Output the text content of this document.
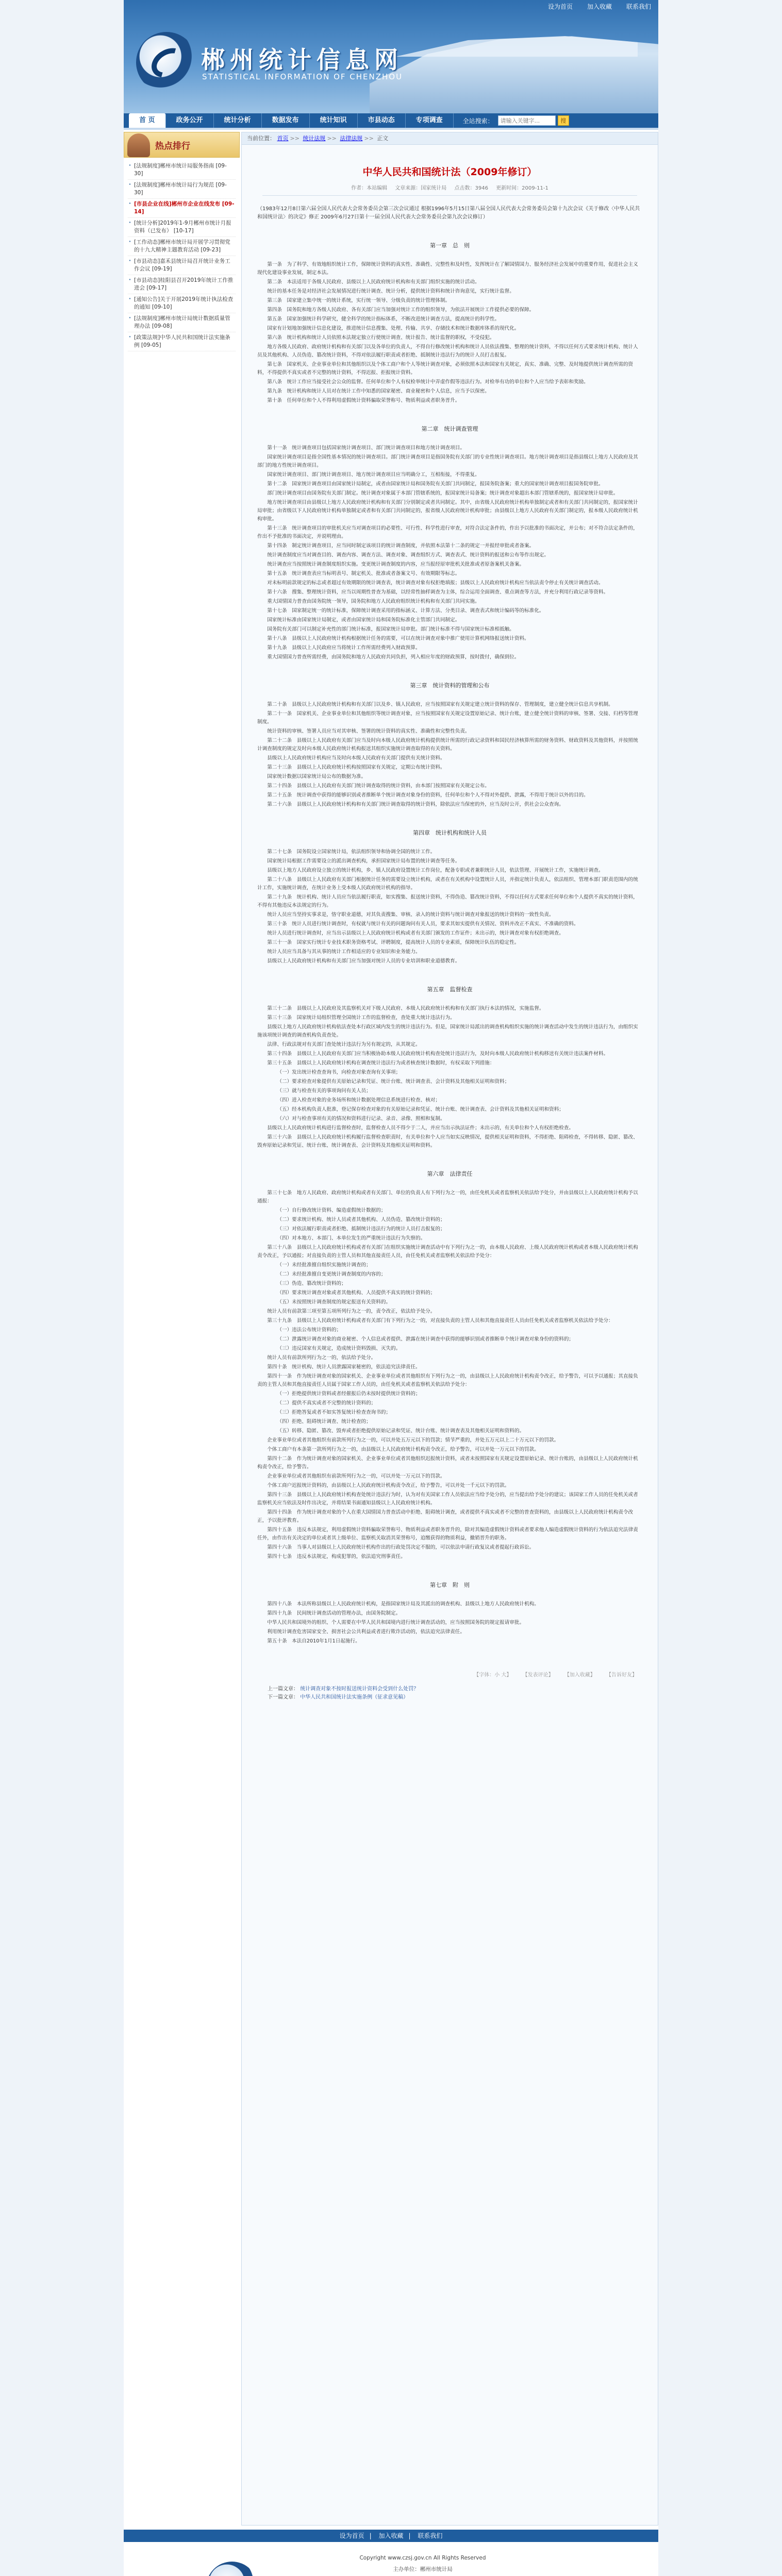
设为首页	加入收藏	联系我们
郴州统计信息网
STATISTICAL INFORMATION OF CHENZHOU
首 页	政务公开	统计分析	数据发布	统计知识	市县动态	专项调查	全站搜索：
请输入关键字...	搜
热点排行
· [法规制度]郴州市统计局服务指南 [09-30]
· [法规制度]郴州市统计局行为规范 [09-30]
· [市县企业在线]郴州市企业在线发布 [09-14]
· [统计分析]2019年1-9月郴州市统计月报资料（已发布） [10-17]
· [工作动态]郴州市统计局开展学习贯彻党的十九大精神主题教育活动 [09-23]
· [市县动态]嘉禾县统计局召开统计业务工作会议 [09-19]
· [市县动态]桂阳县召开2019年统计工作推进会 [09-17]
· [通知公告]关于开展2019年统计执法检查的通知 [09-10]
· [法规制度]郴州市统计局统计数据质量管理办法 [09-08]
· [政策法规]中华人民共和国统计法实施条例 [09-05]
当前位置： 首页 >> 统计法规 >> 法律法规 >> 正文
中华人民共和国统计法（2009年修订）
作者：本站编辑 文章来源：国家统计局 点击数：3946 更新时间：2009-11-1
（1983年12月8日第六届全国人民代表大会常务委员会第三次会议通过 根据1996年5月15日第八届全国人民代表大会常务委员会第十九次会议《关于修改〈中华人民共和国统计法〉的决定》修正 2009年6月27日第十一届全国人民代表大会常务委员会第九次会议修订）
第一章　总　则
第一条　为了科学、有效地组织统计工作，保障统计资料的真实性、准确性、完整性和及时性，发挥统计在了解国情国力、服务经济社会发展中的重要作用，促进社会主义现代化建设事业发展，制定本法。
第二条　本法适用于各级人民政府、县级以上人民政府统计机构和有关部门组织实施的统计活动。
统计的基本任务是对经济社会发展情况进行统计调查、统计分析，提供统计资料和统计咨询意见，实行统计监督。
第三条　国家建立集中统一的统计系统，实行统一领导、分级负责的统计管理体制。
第四条　国务院和地方各级人民政府、各有关部门应当加强对统计工作的组织领导，为依法开展统计工作提供必要的保障。
第五条　国家加强统计科学研究，健全科学的统计指标体系，不断改进统计调查方法，提高统计的科学性。
国家有计划地加强统计信息化建设，推进统计信息搜集、处理、传输、共享、存储技术和统计数据库体系的现代化。
第六条　统计机构和统计人员依照本法规定独立行使统计调查、统计报告、统计监督的职权，不受侵犯。
地方各级人民政府、政府统计机构和有关部门以及各单位的负责人，不得自行修改统计机构和统计人员依法搜集、整理的统计资料，不得以任何方式要求统计机构、统计人员及其他机构、人员伪造、篡改统计资料，不得对依法履行职责或者拒绝、抵制统计违法行为的统计人员打击报复。
第七条　国家机关、企业事业单位和其他组织以及个体工商户和个人等统计调查对象，必须依照本法和国家有关规定，真实、准确、完整、及时地提供统计调查所需的资料，不得提供不真实或者不完整的统计资料，不得迟报、拒报统计资料。
第八条　统计工作应当接受社会公众的监督。任何单位和个人有权检举统计中弄虚作假等违法行为。对检举有功的单位和个人应当给予表彰和奖励。
第九条　统计机构和统计人员对在统计工作中知悉的国家秘密、商业秘密和个人信息，应当予以保密。
第十条　任何单位和个人不得利用虚假统计资料骗取荣誉称号、物质利益或者职务晋升。
第二章　统计调查管理
第十一条　统计调查项目包括国家统计调查项目、部门统计调查项目和地方统计调查项目。
国家统计调查项目是指全国性基本情况的统计调查项目。部门统计调查项目是指国务院有关部门的专业性统计调查项目。地方统计调查项目是指县级以上地方人民政府及其部门的地方性统计调查项目。
国家统计调查项目、部门统计调查项目、地方统计调查项目应当明确分工，互相衔接，不得重复。
第十二条　国家统计调查项目由国家统计局制定，或者由国家统计局和国务院有关部门共同制定，报国务院备案；重大的国家统计调查项目报国务院审批。
部门统计调查项目由国务院有关部门制定。统计调查对象属于本部门管辖系统的，报国家统计局备案；统计调查对象超出本部门管辖系统的，报国家统计局审批。
地方统计调查项目由县级以上地方人民政府统计机构和有关部门分别制定或者共同制定。其中，由省级人民政府统计机构单独制定或者和有关部门共同制定的，报国家统计局审批；由省级以下人民政府统计机构单独制定或者和有关部门共同制定的，报省级人民政府统计机构审批；由县级以上地方人民政府有关部门制定的，报本级人民政府统计机构审批。
第十三条　统计调查项目的审批机关应当对调查项目的必要性、可行性、科学性进行审查，对符合法定条件的，作出予以批准的书面决定，并公布；对不符合法定条件的，作出不予批准的书面决定，并说明理由。
第十四条　制定统计调查项目，应当同时制定该项目的统计调查制度，并依照本法第十二条的规定一并报经审批或者备案。
统计调查制度应当对调查目的、调查内容、调查方法、调查对象、调查组织方式、调查表式、统计资料的报送和公布等作出规定。
统计调查应当按照统计调查制度组织实施。变更统计调查制度的内容，应当报经原审批机关批准或者原备案机关备案。
第十五条　统计调查表应当标明表号、制定机关、批准或者备案文号、有效期限等标志。
对未标明前款规定的标志或者超过有效期限的统计调查表，统计调查对象有权拒绝填报；县级以上人民政府统计机构应当依法责令停止有关统计调查活动。
第十六条　搜集、整理统计资料，应当以周期性普查为基础，以经常性抽样调查为主体，综合运用全面调查、重点调查等方法，并充分利用行政记录等资料。
重大国情国力普查由国务院统一领导，国务院和地方人民政府组织统计机构和有关部门共同实施。
第十七条　国家制定统一的统计标准，保障统计调查采用的指标涵义、计算方法、分类目录、调查表式和统计编码等的标准化。
国家统计标准由国家统计局制定，或者由国家统计局和国务院标准化主管部门共同制定。
国务院有关部门可以制定补充性的部门统计标准，报国家统计局审批。部门统计标准不得与国家统计标准相抵触。
第十八条　县级以上人民政府统计机构根据统计任务的需要，可以在统计调查对象中推广使用计算机网络报送统计资料。
第十九条　县级以上人民政府应当将统计工作所需经费列入财政预算。
重大国情国力普查所需经费，由国务院和地方人民政府共同负担，列入相应年度的财政预算，按时拨付，确保到位。
第三章　统计资料的管理和公布
第二十条　县级以上人民政府统计机构和有关部门以及乡、镇人民政府，应当按照国家有关规定建立统计资料的保存、管理制度，建立健全统计信息共享机制。
第二十一条　国家机关、企业事业单位和其他组织等统计调查对象，应当按照国家有关规定设置原始记录、统计台账，建立健全统计资料的审核、签署、交接、归档等管理制度。
统计资料的审核、签署人员应当对其审核、签署的统计资料的真实性、准确性和完整性负责。
第二十二条　县级以上人民政府有关部门应当及时向本级人民政府统计机构提供统计所需的行政记录资料和国民经济核算所需的财务资料、财政资料及其他资料，并按照统计调查制度的规定及时向本级人民政府统计机构报送其组织实施统计调查取得的有关资料。
县级以上人民政府统计机构应当及时向本级人民政府有关部门提供有关统计资料。
第二十三条　县级以上人民政府统计机构按照国家有关规定，定期公布统计资料。
国家统计数据以国家统计局公布的数据为准。
第二十四条　县级以上人民政府有关部门统计调查取得的统计资料，由本部门按照国家有关规定公布。
第二十五条　统计调查中获得的能够识别或者推断单个统计调查对象身份的资料，任何单位和个人不得对外提供、泄露，不得用于统计以外的目的。
第二十六条　县级以上人民政府统计机构和有关部门统计调查取得的统计资料，除依法应当保密的外，应当及时公开，供社会公众查询。
第四章　统计机构和统计人员
第二十七条　国务院设立国家统计局，依法组织领导和协调全国的统计工作。
国家统计局根据工作需要设立的派出调查机构，承担国家统计局布置的统计调查等任务。
县级以上地方人民政府设立独立的统计机构，乡、镇人民政府设置统计工作岗位，配备专职或者兼职统计人员，依法管理、开展统计工作，实施统计调查。
第二十八条　县级以上人民政府有关部门根据统计任务的需要设立统计机构，或者在有关机构中设置统计人员，并指定统计负责人，依法组织、管理本部门职责范围内的统计工作，实施统计调查，在统计业务上受本级人民政府统计机构的指导。
第二十九条　统计机构、统计人员应当依法履行职责，如实搜集、报送统计资料，不得伪造、篡改统计资料，不得以任何方式要求任何单位和个人提供不真实的统计资料，不得有其他违反本法规定的行为。
统计人员应当坚持实事求是，恪守职业道德，对其负责搜集、审核、录入的统计资料与统计调查对象报送的统计资料的一致性负责。
第三十条　统计人员进行统计调查时，有权就与统计有关的问题询问有关人员，要求其如实提供有关情况、资料并改正不真实、不准确的资料。
统计人员进行统计调查时，应当出示县级以上人民政府统计机构或者有关部门颁发的工作证件；未出示的，统计调查对象有权拒绝调查。
第三十一条　国家实行统计专业技术职务资格考试、评聘制度，提高统计人员的专业素质，保障统计队伍的稳定性。
统计人员应当具备与其从事的统计工作相适应的专业知识和业务能力。
县级以上人民政府统计机构和有关部门应当加强对统计人员的专业培训和职业道德教育。
第五章　监督检查
第三十二条　县级以上人民政府及其监察机关对下级人民政府、本级人民政府统计机构和有关部门执行本法的情况，实施监督。
第三十三条　国家统计局组织管理全国统计工作的监督检查，查处重大统计违法行为。
县级以上地方人民政府统计机构依法查处本行政区域内发生的统计违法行为。但是，国家统计局派出的调查机构组织实施的统计调查活动中发生的统计违法行为，由组织实施该项统计调查的调查机构负责查处。
法律、行政法规对有关部门查处统计违法行为另有规定的，从其规定。
第三十四条　县级以上人民政府有关部门应当积极协助本级人民政府统计机构查处统计违法行为，及时向本级人民政府统计机构移送有关统计违法案件材料。
第三十五条　县级以上人民政府统计机构在调查统计违法行为或者核查统计数据时，有权采取下列措施：
（一）发出统计检查查询书，向检查对象查询有关事项；
（二）要求检查对象提供有关原始记录和凭证、统计台账、统计调查表、会计资料及其他相关证明和资料；
（三）就与检查有关的事项询问有关人员；
（四）进入检查对象的业务场所和统计数据处理信息系统进行检查、核对；
（五）经本机构负责人批准，登记保存检查对象的有关原始记录和凭证、统计台账、统计调查表、会计资料及其他相关证明和资料；
（六）对与检查事项有关的情况和资料进行记录、录音、录像、照相和复制。
县级以上人民政府统计机构进行监督检查时，监督检查人员不得少于二人，并应当出示执法证件；未出示的，有关单位和个人有权拒绝检查。
第三十六条　县级以上人民政府统计机构履行监督检查职责时，有关单位和个人应当如实反映情况，提供相关证明和资料，不得拒绝、阻碍检查，不得转移、隐匿、篡改、毁弃原始记录和凭证、统计台账、统计调查表、会计资料及其他相关证明和资料。
第六章　法律责任
第三十七条　地方人民政府、政府统计机构或者有关部门、单位的负责人有下列行为之一的，由任免机关或者监察机关依法给予处分，并由县级以上人民政府统计机构予以通报：
（一）自行修改统计资料、编造虚假统计数据的；
（二）要求统计机构、统计人员或者其他机构、人员伪造、篡改统计资料的；
（三）对依法履行职责或者拒绝、抵制统计违法行为的统计人员打击报复的；
（四）对本地方、本部门、本单位发生的严重统计违法行为失察的。
第三十八条　县级以上人民政府统计机构或者有关部门在组织实施统计调查活动中有下列行为之一的，由本级人民政府、上级人民政府统计机构或者本级人民政府统计机构责令改正，予以通报；对直接负责的主管人员和其他直接责任人员，由任免机关或者监察机关依法给予处分：
（一）未经批准擅自组织实施统计调查的；
（二）未经批准擅自变更统计调查制度的内容的；
（三）伪造、篡改统计资料的；
（四）要求统计调查对象或者其他机构、人员提供不真实的统计资料的；
（五）未按照统计调查制度的规定报送有关资料的。
统计人员有前款第三项至第五项所列行为之一的，责令改正，依法给予处分。
第三十九条　县级以上人民政府统计机构或者有关部门有下列行为之一的，对直接负责的主管人员和其他直接责任人员由任免机关或者监察机关依法给予处分：
（一）违法公布统计资料的；
（二）泄露统计调查对象的商业秘密、个人信息或者提供、泄露在统计调查中获得的能够识别或者推断单个统计调查对象身份的资料的；
（三）违反国家有关规定，造成统计资料毁损、灭失的。
统计人员有前款所列行为之一的，依法给予处分。
第四十条　统计机构、统计人员泄露国家秘密的，依法追究法律责任。
第四十一条　作为统计调查对象的国家机关、企业事业单位或者其他组织有下列行为之一的，由县级以上人民政府统计机构责令改正，给予警告，可以予以通报；其直接负责的主管人员和其他直接责任人员属于国家工作人员的，由任免机关或者监察机关依法给予处分：
（一）拒绝提供统计资料或者经催报后仍未按时提供统计资料的；
（二）提供不真实或者不完整的统计资料的；
（三）拒绝答复或者不如实答复统计检查查询书的；
（四）拒绝、阻碍统计调查、统计检查的；
（五）转移、隐匿、篡改、毁弃或者拒绝提供原始记录和凭证、统计台账、统计调查表及其他相关证明和资料的。
企业事业单位或者其他组织有前款所列行为之一的，可以并处五万元以下的罚款；情节严重的，并处五万元以上二十万元以下的罚款。
个体工商户有本条第一款所列行为之一的，由县级以上人民政府统计机构责令改正，给予警告，可以并处一万元以下的罚款。
第四十二条　作为统计调查对象的国家机关、企业事业单位或者其他组织迟报统计资料，或者未按照国家有关规定设置原始记录、统计台账的，由县级以上人民政府统计机构责令改正，给予警告。
企业事业单位或者其他组织有前款所列行为之一的，可以并处一万元以下的罚款。
个体工商户迟报统计资料的，由县级以上人民政府统计机构责令改正，给予警告，可以并处一千元以下的罚款。
第四十三条　县级以上人民政府统计机构查处统计违法行为时，认为对有关国家工作人员依法应当给予处分的，应当提出给予处分的建议；该国家工作人员的任免机关或者监察机关应当依法及时作出决定，并将结果书面通知县级以上人民政府统计机构。
第四十四条　作为统计调查对象的个人在重大国情国力普查活动中拒绝、阻碍统计调查，或者提供不真实或者不完整的普查资料的，由县级以上人民政府统计机构责令改正，予以批评教育。
第四十五条　违反本法规定，利用虚假统计资料骗取荣誉称号、物质利益或者职务晋升的，除对其编造虚假统计资料或者要求他人编造虚假统计资料的行为依法追究法律责任外，由作出有关决定的单位或者其上级单位、监察机关取消其荣誉称号，追缴获得的物质利益，撤销晋升的职务。
第四十六条　当事人对县级以上人民政府统计机构作出的行政处罚决定不服的，可以依法申请行政复议或者提起行政诉讼。
第四十七条　违反本法规定，构成犯罪的，依法追究刑事责任。
第七章　附　则
第四十八条　本法所称县级以上人民政府统计机构，是指国家统计局及其派出的调查机构、县级以上地方人民政府统计机构。
第四十九条　民间统计调查活动的管理办法，由国务院制定。
中华人民共和国境外的组织、个人需要在中华人民共和国境内进行统计调查活动的，应当按照国务院的规定报请审批。
利用统计调查危害国家安全、损害社会公共利益或者进行欺诈活动的，依法追究法律责任。
第五十条　本法自2010年1月1日起施行。
【字体：小 大】 【发表评论】 【加入收藏】 【告诉好友】
上一篇文章： 统计调查对象不按时报送统计资料会受到什么处罚？
下一篇文章： 中华人民共和国统计法实施条例（征求意见稿）
设为首页 | 加入收藏 | 联系我们
Copyright www.czsj.gov.cn All Rights Reserved
主办单位：郴州市统计局
